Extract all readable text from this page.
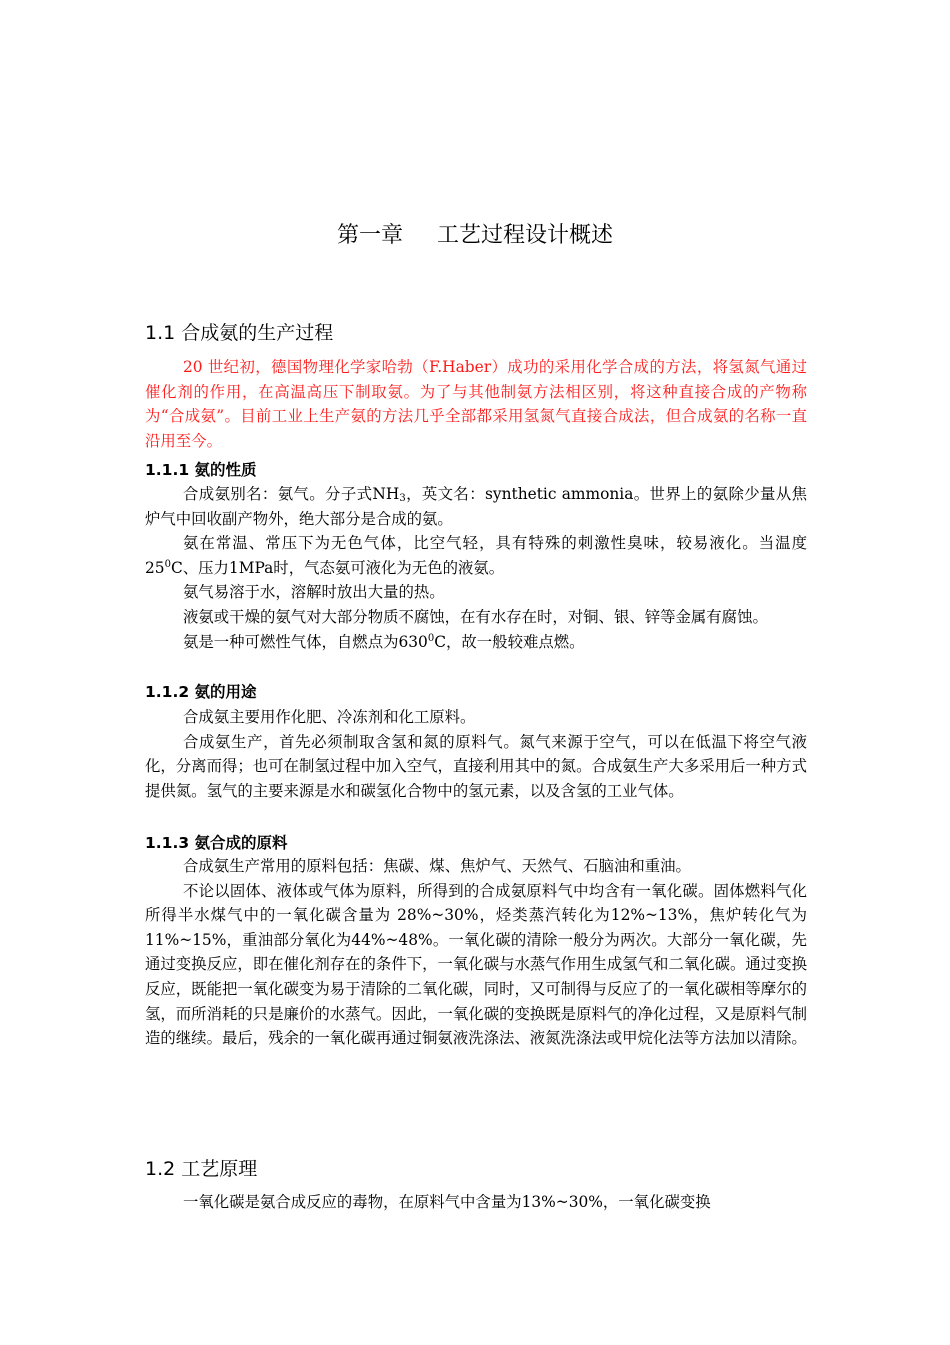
第一章 工艺过程设计概述
1.1 合成氨的生产过程

20 世纪初，德国物理化学家哈勃（F.Haber）成功的采用化学合成的方法，将氢氮气通过催化剂的作用，在高温高压下制取氨。为了与其他制氨方法相区别，将这种直接合成的产物称为“合成氨”。目前工业上生产氨的方法几乎全部都采用氢氮气直接合成法，但合成氨的名称一直沿用至今。

1.1.1 氨的性质

合成氨别名：氨气。分子式$NH_3$，英文名：synthetic ammonia。世界上的氨除少量从焦炉气中回收副产物外，绝大部分是合成的氨。

氨在常温、常压下为无色气体，比空气轻，具有特殊的刺激性臭味，较易液化。当温度$25^0C$、压力1MPa时，气态氨可液化为无色的液氨。

氨气易溶于水，溶解时放出大量的热。

液氨或干燥的氨气对大部分物质不腐蚀，在有水存在时，对铜、银、锌等金属有腐蚀。

氨是一种可燃性气体，自燃点为$630^0C$，故一般较难点燃。

1.1.2 氨的用途

合成氨主要用作化肥、冷冻剂和化工原料。

合成氨生产，首先必须制取含氢和氮的原料气。氮气来源于空气，可以在低温下将空气液化，分离而得；也可在制氢过程中加入空气，直接利用其中的氮。合成氨生产大多采用后一种方式提供氮。氢气的主要来源是水和碳氢化合物中的氢元素，以及含氢的工业气体。

1.1.3 氨合成的原料

合成氨生产常用的原料包括：焦碳、煤、焦炉气、天然气、石脑油和重油。

不论以固体、液体或气体为原料，所得到的合成氨原料气中均含有一氧化碳。固体燃料气化所得半水煤气中的一氧化碳含量为 28%~30%，烃类蒸汽转化为12%~13%，焦炉转化气为11%~15%，重油部分氧化为44%~48%。一氧化碳的清除一般分为两次。大部分一氧化碳，先通过变换反应，即在催化剂存在的条件下，一氧化碳与水蒸气作用生成氢气和二氧化碳。通过变换反应，既能把一氧化碳变为易于清除的二氧化碳，同时，又可制得与反应了的一氧化碳相等摩尔的氢，而所消耗的只是廉价的水蒸气。因此，一氧化碳的变换既是原料气的净化过程，又是原料气制造的继续。最后，残余的一氧化碳再通过铜氨液洗涤法、液氮洗涤法或甲烷化法等方法加以清除。

1.2 工艺原理

一氧化碳是氨合成反应的毒物，在原料气中含量为13%~30%，一氧化碳变换
